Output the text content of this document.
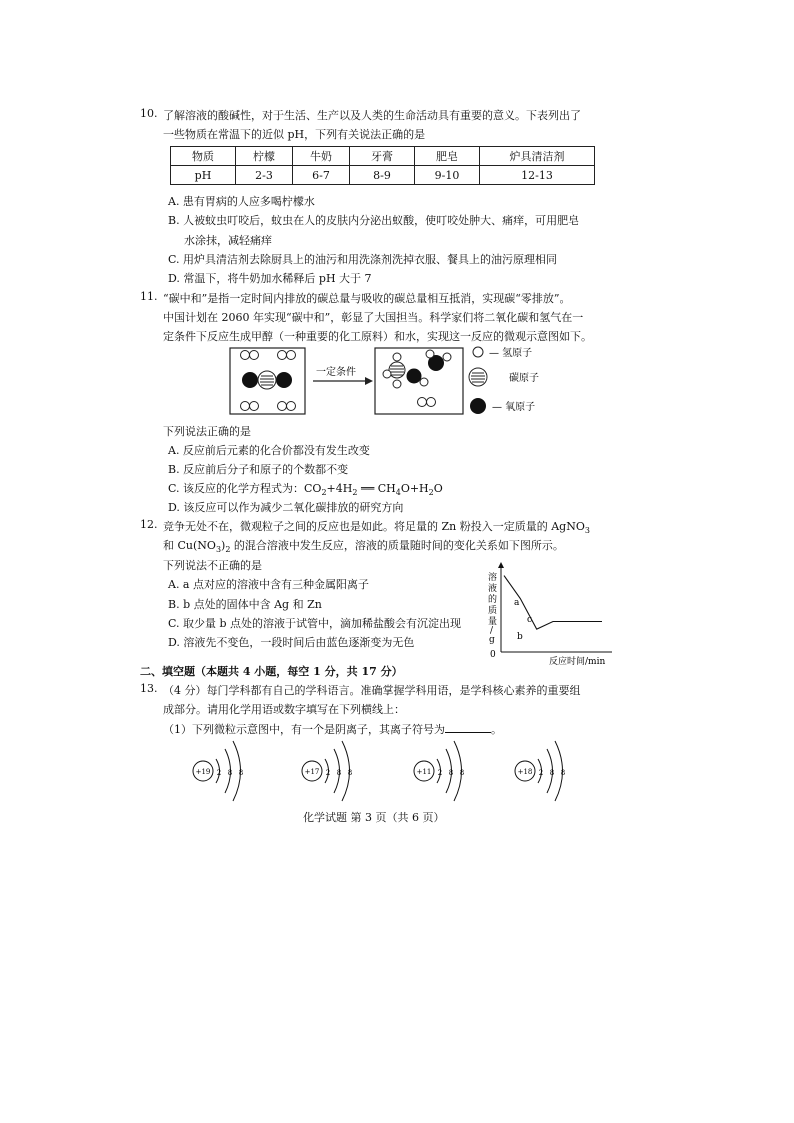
10. 了解溶液的酸碱性，对于生活、生产以及人类的生命活动具有重要的意义。下表列出了
一些物质在常温下的近似 pH，下列有关说法正确的是
物质	柠檬	牛奶	牙膏	肥皂	炉具清洁剂
pH	2-3	6-7	8-9	9-10	12-13
A. 患有胃病的人应多喝柠檬水
B. 人被蚊虫叮咬后，蚊虫在人的皮肤内分泌出蚁酸，使叮咬处肿大、痛痒，可用肥皂
水涂抹，减轻痛痒
C. 用炉具清洁剂去除厨具上的油污和用洗涤剂洗掉衣服、餐具上的油污原理相同
D. 常温下，将牛奶加水稀释后 pH 大于 7
11. “碳中和”是指一定时间内排放的碳总量与吸收的碳总量相互抵消，实现碳“零排放”。
中国计划在 2060 年实现“碳中和”，彰显了大国担当。科学家们将二氧化碳和氢气在一
定条件下反应生成甲醇（一种重要的化工原料）和水，实现这一反应的微观示意图如下。
一定条件
— 氢原子
碳原子
— 氧原子
下列说法正确的是
A. 反应前后元素的化合价都没有发生改变
B. 反应前后分子和原子的个数都不变
C. 该反应的化学方程式为：$CO_2+4H_2$ ══ $CH_4O+H_2O$
D. 该反应可以作为减少二氧化碳排放的研究方向
12. 竞争无处不在，微观粒子之间的反应也是如此。将足量的 Zn 粉投入一定质量的 AgNO$_3$
和 $Cu(NO_3)_2$ 的混合溶液中发生反应，溶液的质量随时间的变化关系如下图所示。
下列说法不正确的是
A. a 点对应的溶液中含有三种金属阳离子
B. b 点处的固体中含 Ag 和 Zn
C. 取少量 b 点处的溶液于试管中，滴加稀盐酸会有沉淀出现
D. 溶液先不变色，一段时间后由蓝色逐渐变为无色
溶
液
的
质
量
/
g
0
反应时间/min
a
b
c
二、填空题（本题共 4 小题，每空 1 分，共 17 分）
13. （4 分）每门学科都有自己的学科语言。准确掌握学科用语，是学科核心素养的重要组
成部分。请用化学用语或数字填写在下列横线上：
（1）下列微粒示意图中，有一个是阴离子，其离子符号为	。
+19 2 8 8	+17 2 8 8	+11 2 8 8	+18 2 8 8
化学试题 第 3 页（共 6 页）
